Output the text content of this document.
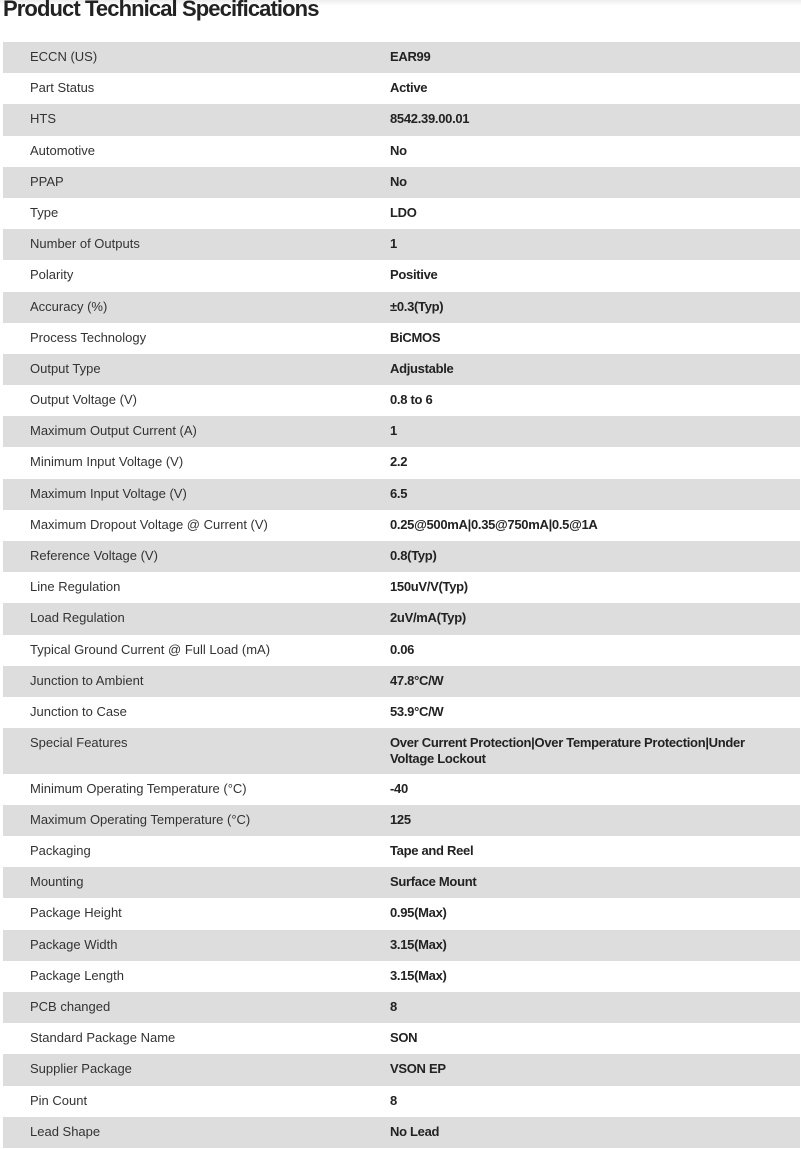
Product Technical Specifications
ECCN (US)	EAR99
Part Status	Active
HTS	8542.39.00.01
Automotive	No
PPAP	No
Type	LDO
Number of Outputs	1
Polarity	Positive
Accuracy (%)	±0.3(Typ)
Process Technology	BiCMOS
Output Type	Adjustable
Output Voltage (V)	0.8 to 6
Maximum Output Current (A)	1
Minimum Input Voltage (V)	2.2
Maximum Input Voltage (V)	6.5
Maximum Dropout Voltage @ Current (V)	0.25@500mA|0.35@750mA|0.5@1A
Reference Voltage (V)	0.8(Typ)
Line Regulation	150uV/V(Typ)
Load Regulation	2uV/mA(Typ)
Typical Ground Current @ Full Load (mA)	0.06
Junction to Ambient	47.8°C/W
Junction to Case	53.9°C/W
Special Features	Over Current Protection|Over Temperature Protection|Under Voltage Lockout
Minimum Operating Temperature (°C)	-40
Maximum Operating Temperature (°C)	125
Packaging	Tape and Reel
Mounting	Surface Mount
Package Height	0.95(Max)
Package Width	3.15(Max)
Package Length	3.15(Max)
PCB changed	8
Standard Package Name	SON
Supplier Package	VSON EP
Pin Count	8
Lead Shape	No Lead
